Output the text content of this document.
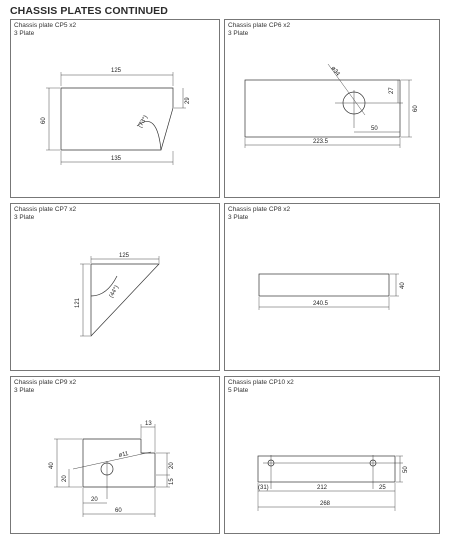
CHASSIS PLATES CONTINUED
Chassis plate CP5 x2
3 Plate
125
60
29
(73°)
135
Chassis plate CP6 x2
3 Plate
ø34
27
60
50
223.5
Chassis plate CP7 x2
3 Plate
125
121
(44°)
Chassis plate CP8 x2
3 Plate
40
240.5
Chassis plate CP9 x2
3 Plate
13
ø11
40
20
20
15
20
60
Chassis plate CP10 x2
5 Plate
50
(31)	212	25
268
